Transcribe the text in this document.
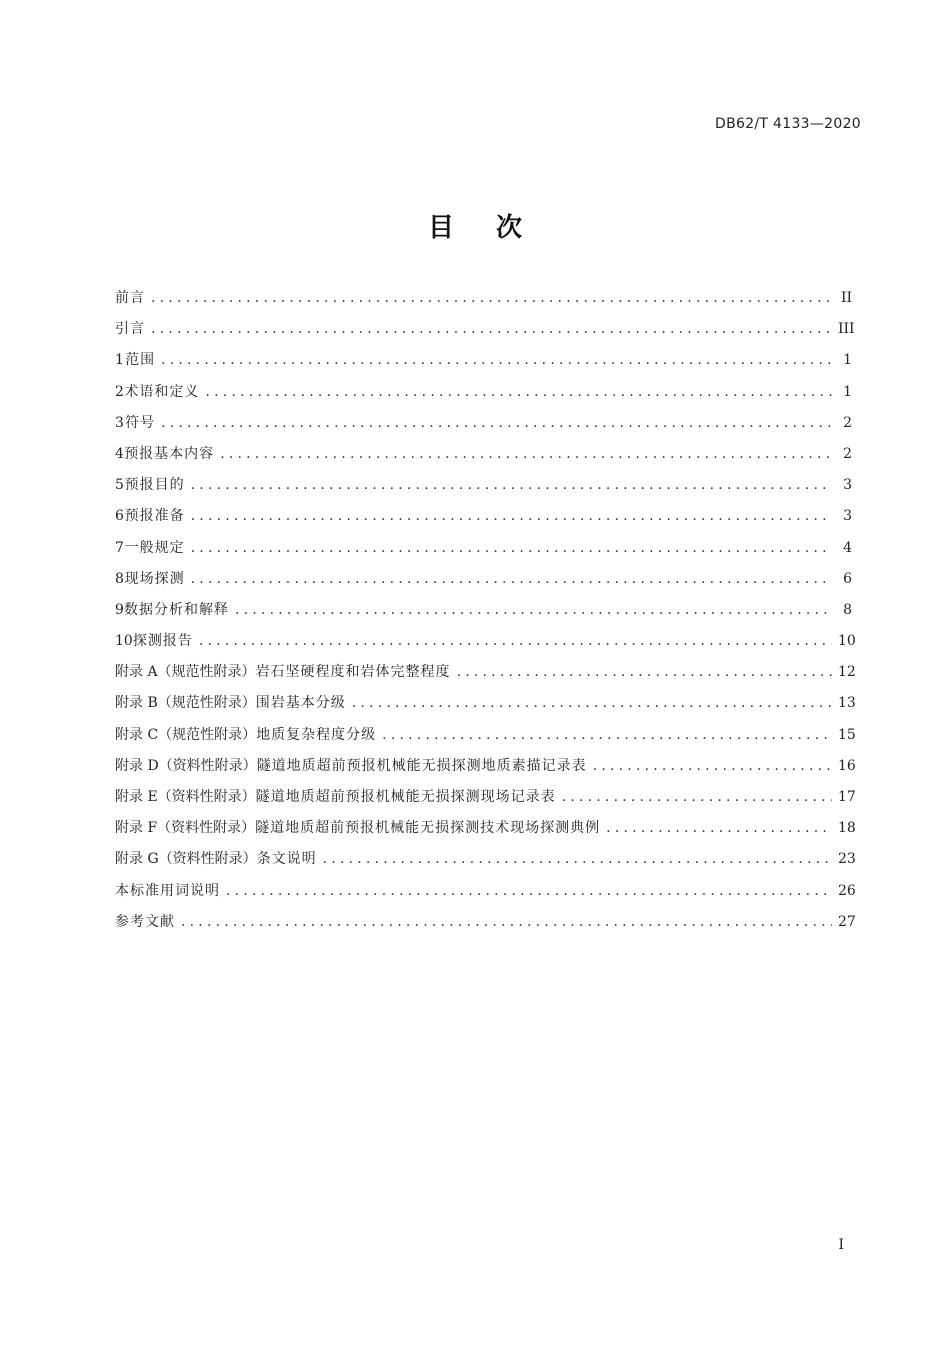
DB62/T 4133—2020
目次
前言 .....	II
引言 .....	III
1 范围 .....	1
2 术语和定义 .....	1
3 符号 .....	2
4 预报基本内容 .....	2
5 预报目的 .....	3
6 预报准备 .....	3
7 一般规定 .....	4
8 现场探测 .....	6
9 数据分析和解释 .....	8
10 探测报告 .....	10
附录 A（规范性附录） 岩石坚硬程度和岩体完整程度 .....	12
附录 B（规范性附录） 围岩基本分级 .....	13
附录 C（规范性附录） 地质复杂程度分级 .....	15
附录 D（资料性附录） 隧道地质超前预报机械能无损探测地质素描记录表 .....	16
附录 E（资料性附录） 隧道地质超前预报机械能无损探测现场记录表 .....	17
附录 F（资料性附录） 隧道地质超前预报机械能无损探测技术现场探测典例 .....	18
附录 G（资料性附录） 条文说明 .....	23
本标准用词说明 .....	26
参考文献 .....	27
I
